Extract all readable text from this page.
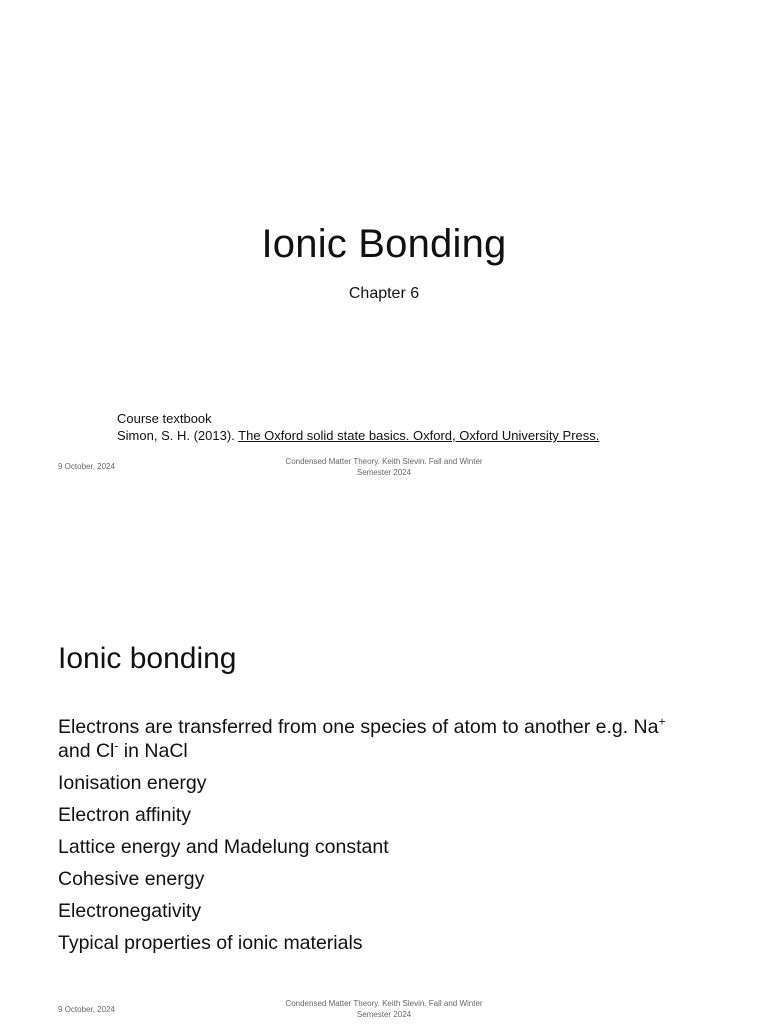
Ionic Bonding
Chapter 6
Course textbook
Simon, S. H. (2013). The Oxford solid state basics. Oxford, Oxford University Press.
9 October, 2024
Condensed Matter Theory. Keith Slevin. Fall and Winter
Semester 2024
Ionic bonding
Electrons are transferred from one species of atom to another e.g. Na+
and Cl- in NaCl
Ionisation energy
Electron affinity
Lattice energy and Madelung constant
Cohesive energy
Electronegativity
Typical properties of ionic materials
9 October, 2024
Condensed Matter Theory. Keith Slevin. Fall and Winter
Semester 2024
